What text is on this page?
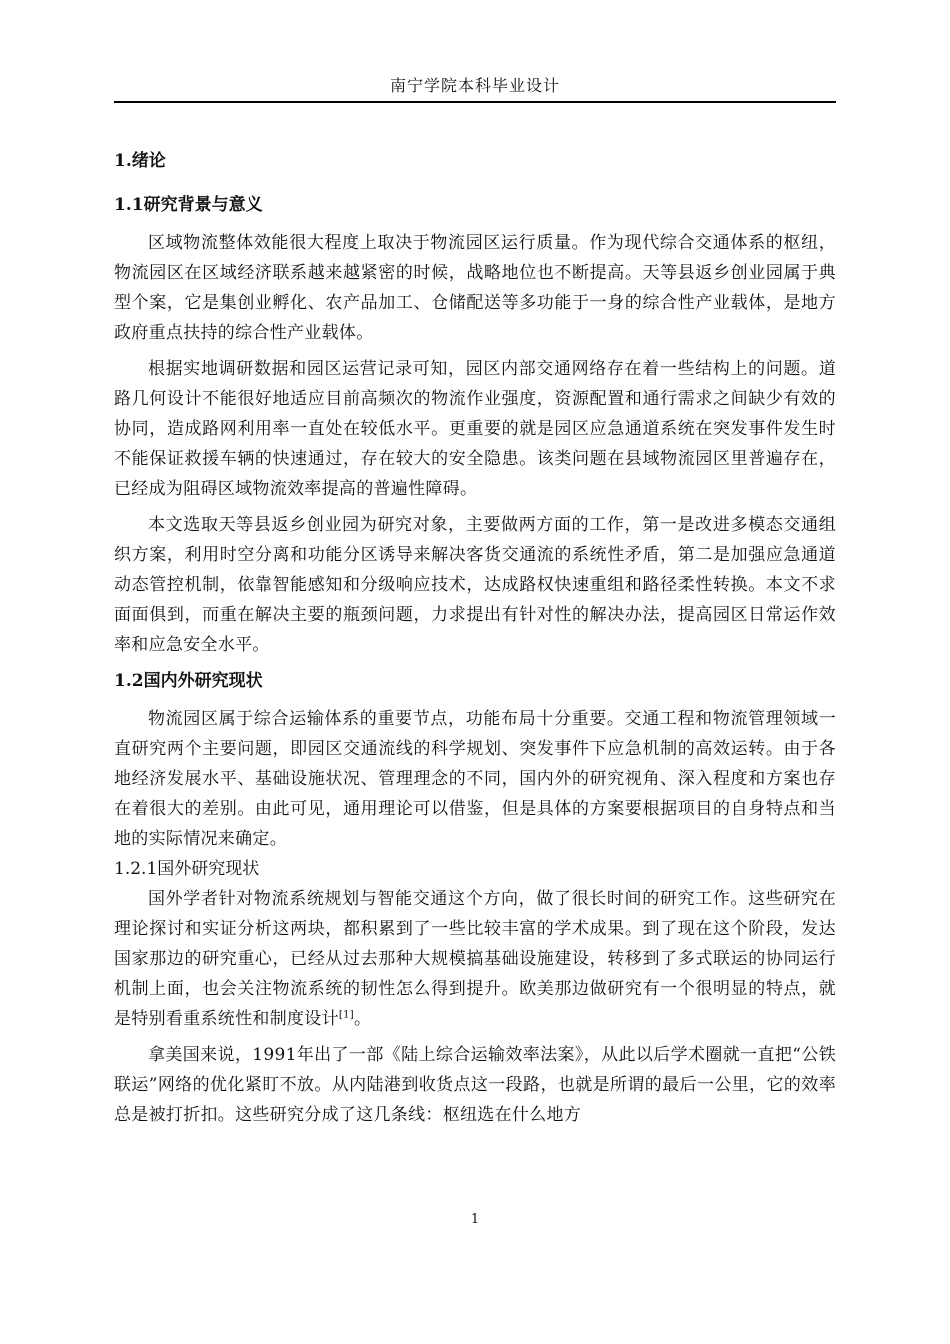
南宁学院本科毕业设计
1.绪论
1.1研究背景与意义

区域物流整体效能很大程度上取决于物流园区运行质量。作为现代综合交通体系的枢纽，物流园区在区域经济联系越来越紧密的时候，战略地位也不断提高。天等县返乡创业园属于典型个案，它是集创业孵化、农产品加工、仓储配送等多功能于一身的综合性产业载体，是地方政府重点扶持的综合性产业载体。

根据实地调研数据和园区运营记录可知，园区内部交通网络存在着一些结构上的问题。道路几何设计不能很好地适应目前高频次的物流作业强度，资源配置和通行需求之间缺少有效的协同，造成路网利用率一直处在较低水平。更重要的就是园区应急通道系统在突发事件发生时不能保证救援车辆的快速通过，存在较大的安全隐患。该类问题在县域物流园区里普遍存在，已经成为阻碍区域物流效率提高的普遍性障碍。

本文选取天等县返乡创业园为研究对象，主要做两方面的工作，第一是改进多模态交通组织方案，利用时空分离和功能分区诱导来解决客货交通流的系统性矛盾，第二是加强应急通道动态管控机制，依靠智能感知和分级响应技术，达成路权快速重组和路径柔性转换。本文不求面面俱到，而重在解决主要的瓶颈问题，力求提出有针对性的解决办法，提高园区日常运作效率和应急安全水平。

1.2国内外研究现状

物流园区属于综合运输体系的重要节点，功能布局十分重要。交通工程和物流管理领域一直研究两个主要问题，即园区交通流线的科学规划、突发事件下应急机制的高效运转。由于各地经济发展水平、基础设施状况、管理理念的不同，国内外的研究视角、深入程度和方案也存在着很大的差别。由此可见，通用理论可以借鉴，但是具体的方案要根据项目的自身特点和当地的实际情况来确定。

1.2.1国外研究现状

国外学者针对物流系统规划与智能交通这个方向，做了很长时间的研究工作。这些研究在理论探讨和实证分析这两块，都积累到了一些比较丰富的学术成果。到了现在这个阶段，发达国家那边的研究重心，已经从过去那种大规模搞基础设施建设，转移到了多式联运的协同运行机制上面，也会关注物流系统的韧性怎么得到提升。欧美那边做研究有一个很明显的特点，就是特别看重系统性和制度设计[1]。

拿美国来说，1991年出了一部《陆上综合运输效率法案》，从此以后学术圈就一直把“公铁联运”网络的优化紧盯不放。从内陆港到收货点这一段路，也就是所谓的最后一公里，它的效率总是被打折扣。这些研究分成了这几条线：枢纽选在什么地方

1
